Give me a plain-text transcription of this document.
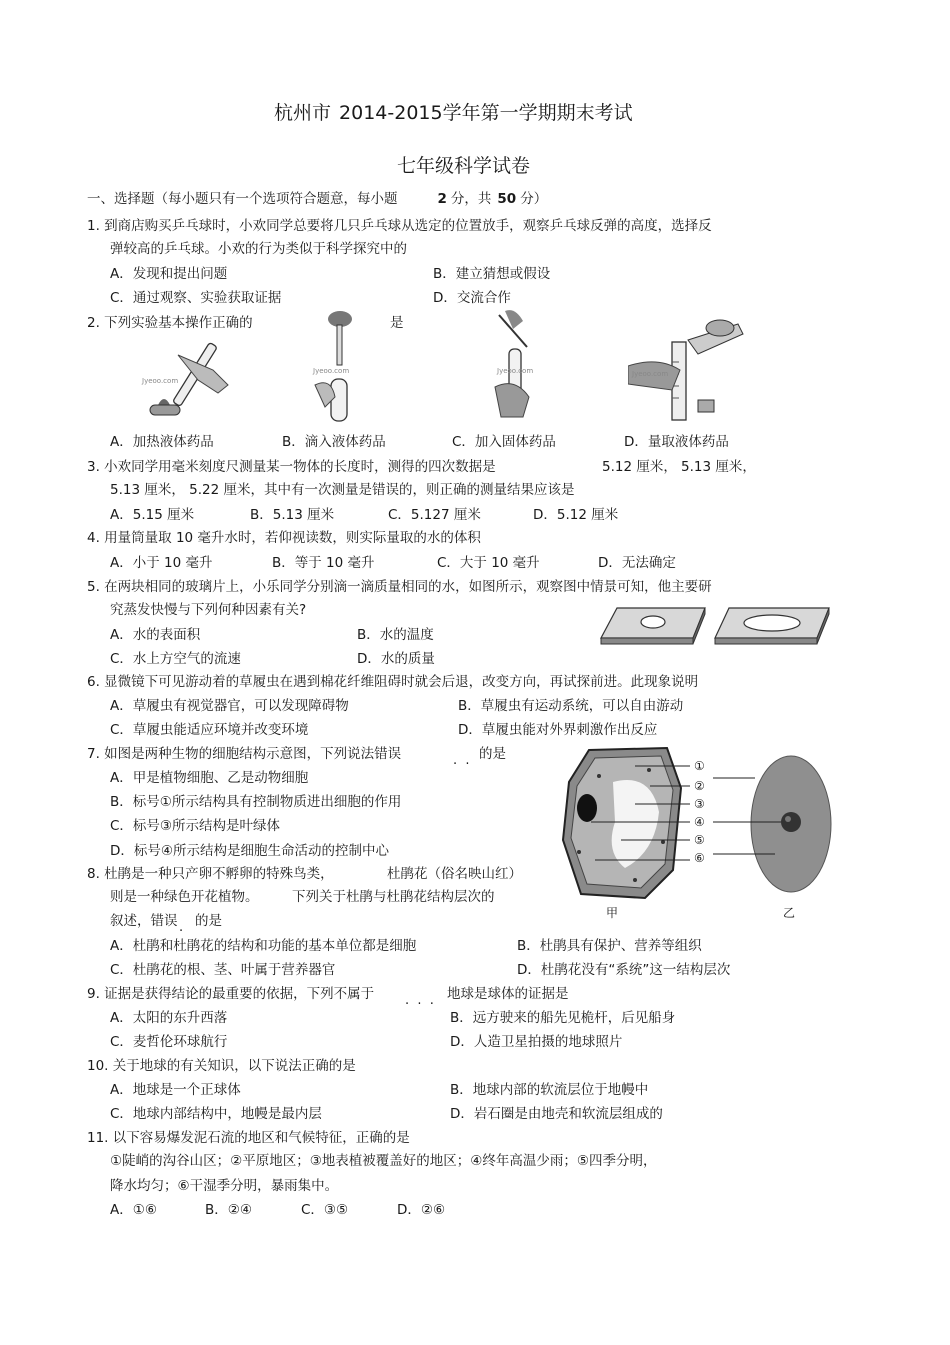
杭州市 2014-2015学年第一学期期末考试
七年级科学试卷
一、选择题（每小题只有一个选项符合题意，每小题	2 分，共 50 分）
1. 到商店购买乒乓球时，小欢同学总要将几只乒乓球从选定的位置放手，观察乒乓球反弹的高度，选择反
弹较高的乒乓球。小欢的行为类似于科学探究中的
A．发现和提出问题	B．建立猜想或假设
C．通过观察、实验获取证据	D．交流合作
2. 下列实验基本操作正确的	是
Jyeoo.com
Jyeoo.com	Jyeoo.com	Jyeoo.com
A．加热液体药品	B．滴入液体药品	C．加入固体药品	D．量取液体药品
3. 小欢同学用毫米刻度尺测量某一物体的长度时，测得的四次数据是	5.12 厘米， 5.13 厘米，
5.13 厘米， 5.22 厘米，其中有一次测量是错误的，则正确的测量结果应该是
A．5.15 厘米	B．5.13 厘米	C．5.127 厘米	D．5.12 厘米
4. 用量筒量取 10 毫升水时，若仰视读数，则实际量取的水的体积
A．小于 10 毫升	B．等于 10 毫升	C．大于 10 毫升	D．无法确定
5. 在两块相同的玻璃片上，小乐同学分别滴一滴质量相同的水，如图所示，观察图中情景可知，他主要研
究蒸发快慢与下列何种因素有关?
A．水的表面积	B．水的温度
C．水上方空气的流速	D．水的质量
6. 显微镜下可见游动着的草履虫在遇到棉花纤维阻碍时就会后退，改变方向，再试探前进。此现象说明
A．草履虫有视觉器官，可以发现障碍物	B．草履虫有运动系统，可以自由游动
C．草履虫能适应环境并改变环境	D．草履虫能对外界刺激作出反应
7. 如图是两种生物的细胞结构示意图，下列说法错误	.  . 的是
A．甲是植物细胞、乙是动物细胞
B．标号①所示结构具有控制物质进出细胞的作用
C．标号③所示结构是叶绿体
D．标号④所示结构是细胞生命活动的控制中心
①
②
③
④
⑤
⑥
甲	乙
8. 杜鹃是一种只产卵不孵卵的特殊鸟类，	杜鹃花（俗名映山红）
则是一种绿色开花植物。 下列关于杜鹃与杜鹃花结构层次的
叙述，错误 . 的是
A．杜鹃和杜鹃花的结构和功能的基本单位都是细胞	B．杜鹃具有保护、营养等组织
C．杜鹃花的根、茎、叶属于营养器官	D．杜鹃花没有“系统”这一结构层次
9. 证据是获得结论的最重要的依据，下列不属于 .  .  . 地球是球体的证据是
A．太阳的东升西落	B．远方驶来的船先见桅杆，后见船身
C．麦哲伦环球航行	D．人造卫星拍摄的地球照片
10. 关于地球的有关知识，以下说法正确的是
A．地球是一个正球体	B．地球内部的软流层位于地幔中
C．地球内部结构中，地幔是最内层	D．岩石圈是由地壳和软流层组成的
11. 以下容易爆发泥石流的地区和气候特征，正确的是
①陡峭的沟谷山区；②平原地区；③地表植被覆盖好的地区；④终年高温少雨；⑤四季分明，
降水均匀；⑥干湿季分明，暴雨集中。
A．①⑥	B．②④	C．③⑤	D．②⑥
